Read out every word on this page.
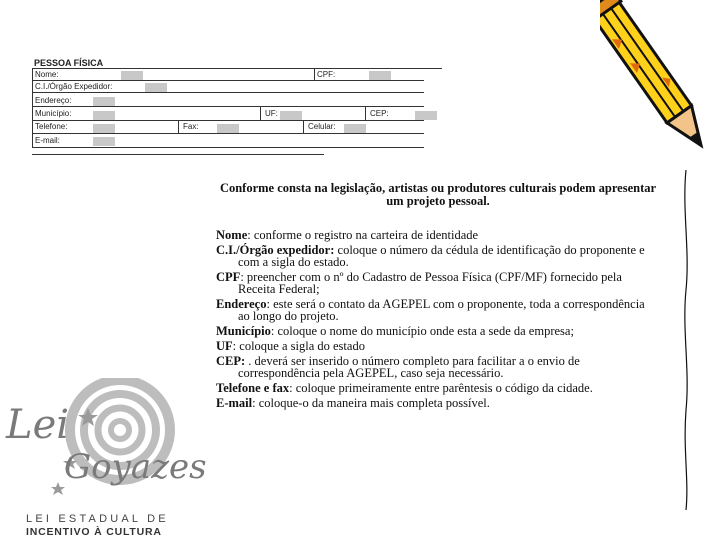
PESSOA FÍSICA
Nome:	CPF:
C.I./Órgão Expedidor:
Endereço:
Município:	UF:	CEP:
Telefone:	Fax:	Celular:
E-mail:
Conforme consta na legislação, artistas ou produtores culturais podem apresentar um projeto pessoal.
Nome: conforme o registro na carteira de identidade
C.I./Órgão expedidor: coloque o número da cédula de identificação do proponente e com a sigla do estado.
CPF: preencher com o nº do Cadastro de Pessoa Física (CPF/MF) fornecido pela Receita Federal;
Endereço: este será o contato da AGEPEL com o proponente, toda a correspondência ao longo do projeto.
Município: coloque o nome do município onde esta a sede da empresa;
UF: coloque a sigla do estado
CEP: . deverá ser inserido o número completo para facilitar a o envio de correspondência pela AGEPEL, caso seja necessário.
Telefone e fax: coloque primeiramente entre parêntesis o código da cidade.
E-mail: coloque-o da maneira mais completa possível.
Lei
Goyazes
LEI ESTADUAL DE
INCENTIVO À CULTURA
